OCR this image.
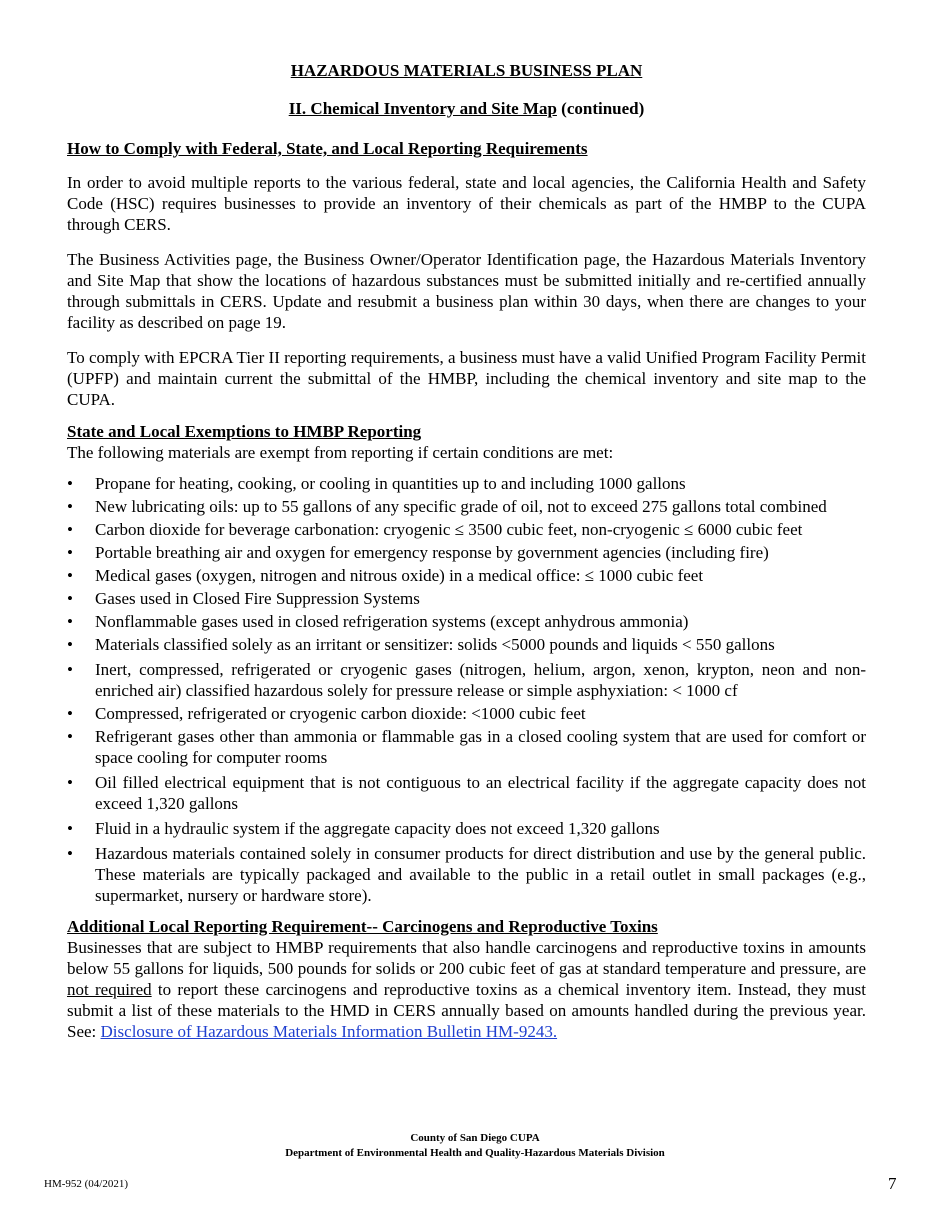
HAZARDOUS MATERIALS BUSINESS PLAN
II. Chemical Inventory and Site Map (continued)
How to Comply with Federal, State, and Local Reporting Requirements

In order to avoid multiple reports to the various federal, state and local agencies, the California Health and Safety Code (HSC) requires businesses to provide an inventory of their chemicals as part of the HMBP to the CUPA through CERS.

The Business Activities page, the Business Owner/Operator Identification page, the Hazardous Materials Inventory and Site Map that show the locations of hazardous substances must be submitted initially and re-certified annually through submittals in CERS. Update and resubmit a business plan within 30 days, when there are changes to your facility as described on page 19.

To comply with EPCRA Tier II reporting requirements, a business must have a valid Unified Program Facility Permit (UPFP) and maintain current the submittal of the HMBP, including the chemical inventory and site map to the CUPA.

State and Local Exemptions to HMBP Reporting

The following materials are exempt from reporting if certain conditions are met:

•	Propane for heating, cooking, or cooling in quantities up to and including 1000 gallons
•	New lubricating oils: up to 55 gallons of any specific grade of oil, not to exceed 275 gallons total combined
•	Carbon dioxide for beverage carbonation: cryogenic ≤ 3500 cubic feet, non-cryogenic ≤ 6000 cubic feet
•	Portable breathing air and oxygen for emergency response by government agencies (including fire)
•	Medical gases (oxygen, nitrogen and nitrous oxide) in a medical office: ≤ 1000 cubic feet
•	Gases used in Closed Fire Suppression Systems
•	Nonflammable gases used in closed refrigeration systems (except anhydrous ammonia)
•	Materials classified solely as an irritant or sensitizer: solids <5000 pounds and liquids < 550 gallons
•	Inert, compressed, refrigerated or cryogenic gases (nitrogen, helium, argon, xenon, krypton, neon and non-enriched air) classified hazardous solely for pressure release or simple asphyxiation: < 1000 cf
•	Compressed, refrigerated or cryogenic carbon dioxide: <1000 cubic feet
•	Refrigerant gases other than ammonia or flammable gas in a closed cooling system that are used for comfort or space cooling for computer rooms
•	Oil filled electrical equipment that is not contiguous to an electrical facility if the aggregate capacity does not exceed 1,320 gallons
•	Fluid in a hydraulic system if the aggregate capacity does not exceed 1,320 gallons
•	Hazardous materials contained solely in consumer products for direct distribution and use by the general public. These materials are typically packaged and available to the public in a retail outlet in small packages (e.g., supermarket, nursery or hardware store).
Additional Local Reporting Requirement-- Carcinogens and Reproductive Toxins

Businesses that are subject to HMBP requirements that also handle carcinogens and reproductive toxins in amounts below 55 gallons for liquids, 500 pounds for solids or 200 cubic feet of gas at standard temperature and pressure, are not required to report these carcinogens and reproductive toxins as a chemical inventory item. Instead, they must submit a list of these materials to the HMD in CERS annually based on amounts handled during the previous year. See: Disclosure of Hazardous Materials Information Bulletin HM-9243.

County of San Diego CUPA
Department of Environmental Health and Quality-Hazardous Materials Division
HM-952 (04/2021)	7
